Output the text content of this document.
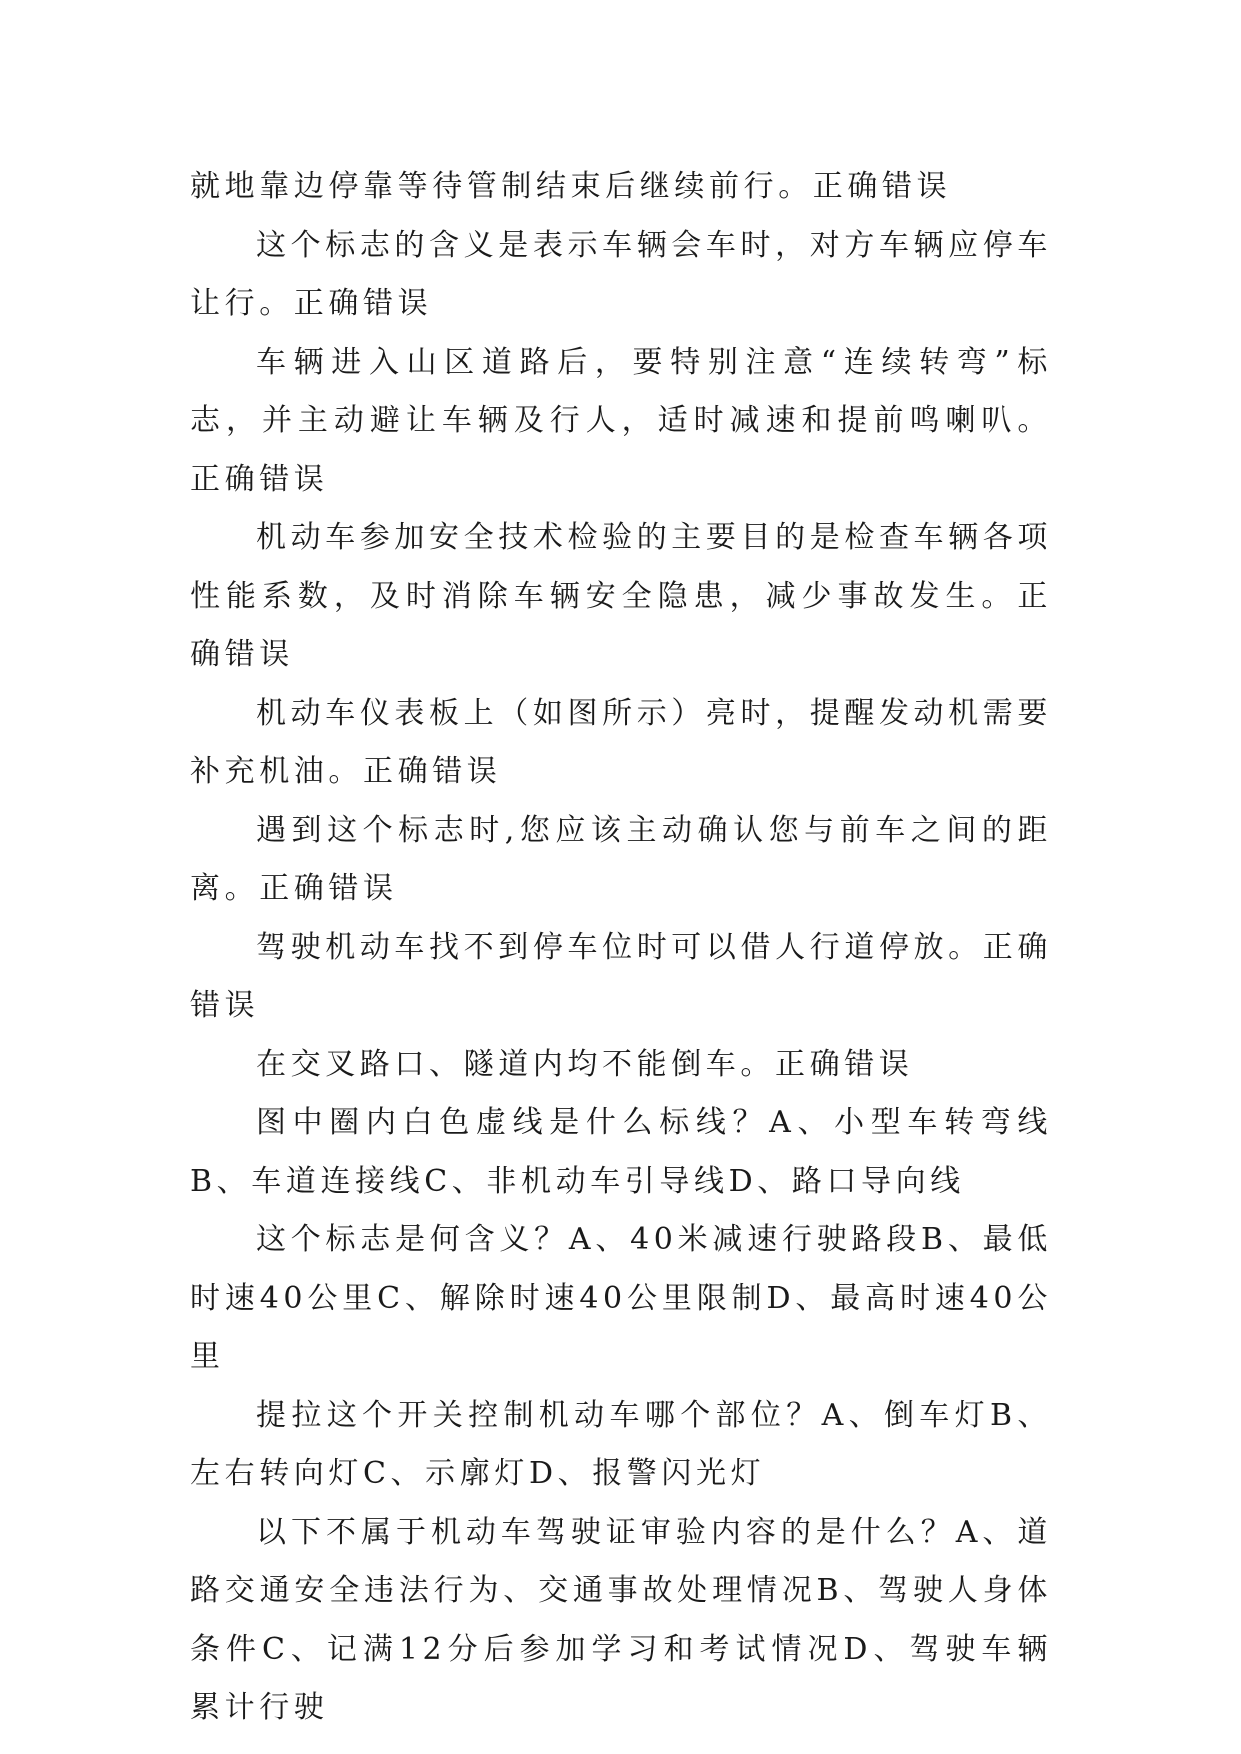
就地靠边停靠等待管制结束后继续前行。正确错误

这个标志的含义是表示车辆会车时，对方车辆应停车让行。正确错误

车辆进入山区道路后，要特别注意“连续转弯”标志，并主动避让车辆及行人，适时减速和提前鸣喇叭。正确错误

机动车参加安全技术检验的主要目的是检查车辆各项性能系数，及时消除车辆安全隐患，减少事故发生。正确错误

机动车仪表板上（如图所示）亮时，提醒发动机需要补充机油。正确错误

遇到这个标志时,您应该主动确认您与前车之间的距离。正确错误

驾驶机动车找不到停车位时可以借人行道停放。正确错误

在交叉路口、隧道内均不能倒车。正确错误

图中圈内白色虚线是什么标线？A、小型车转弯线B、车道连接线C、非机动车引导线D、路口导向线

这个标志是何含义？A、40米减速行驶路段B、最低时速40公里C、解除时速40公里限制D、最高时速40公里

提拉这个开关控制机动车哪个部位？A、倒车灯B、左右转向灯C、示廓灯D、报警闪光灯

以下不属于机动车驾驶证审验内容的是什么？A、道路交通安全违法行为、交通事故处理情况B、驾驶人身体条件C、记满12分后参加学习和考试情况D、驾驶车辆累计行驶
